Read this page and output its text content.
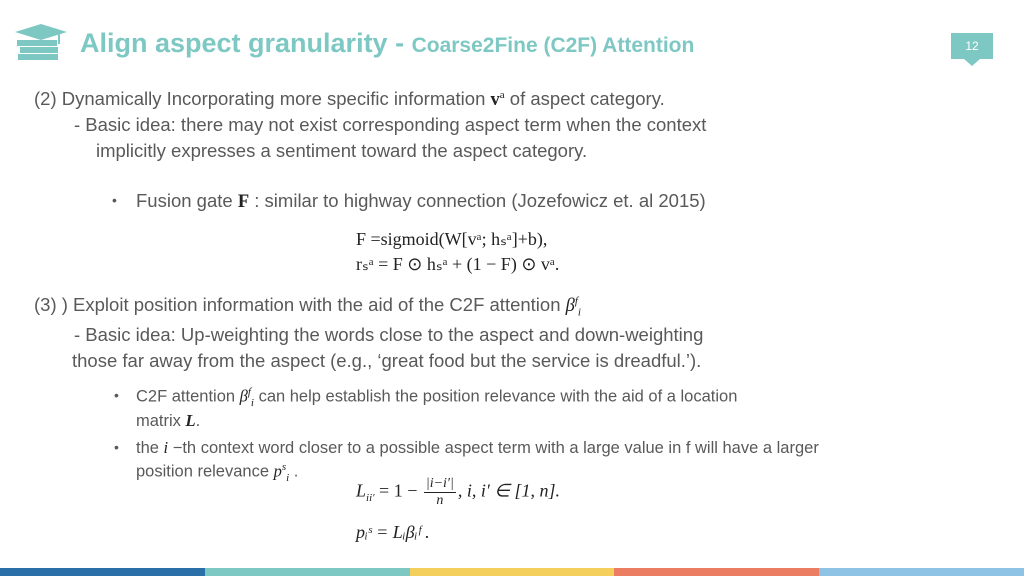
Align aspect granularity - Coarse2Fine (C2F) Attention	12
(2) Dynamically Incorporating more specific information $v^a$ of aspect category.
- Basic idea: there may not exist corresponding aspect term when the context
implicitly expresses a sentiment toward the aspect category.
• Fusion gate F : similar to highway connection (Jozefowicz et. al 2015)
F =sigmoid(W[vᵃ; hₛᵃ]+b),
rₛᵃ = F ⊙ hₛᵃ + (1 − F) ⊙ vᵃ.
(3) ) Exploit position information with the aid of the C2F attention $\beta^f_i$
- Basic idea: Up-weighting the words close to the aspect and down-weighting
those far away from the aspect (e.g., ‘great food but the service is dreadful.’).
• C2F attention $\beta^f_i$ can help establish the position relevance with the aid of a location
matrix L.
• the i −th context word closer to a possible aspect term with a large value in f will have a larger
position relevance $p^s_i$ .
$L_{ii'} = 1 - \frac{|i-i'|}{n}$ , i, i′ ∈ [1, n].
pᵢˢ = Lᵢβᵢᶠ .
